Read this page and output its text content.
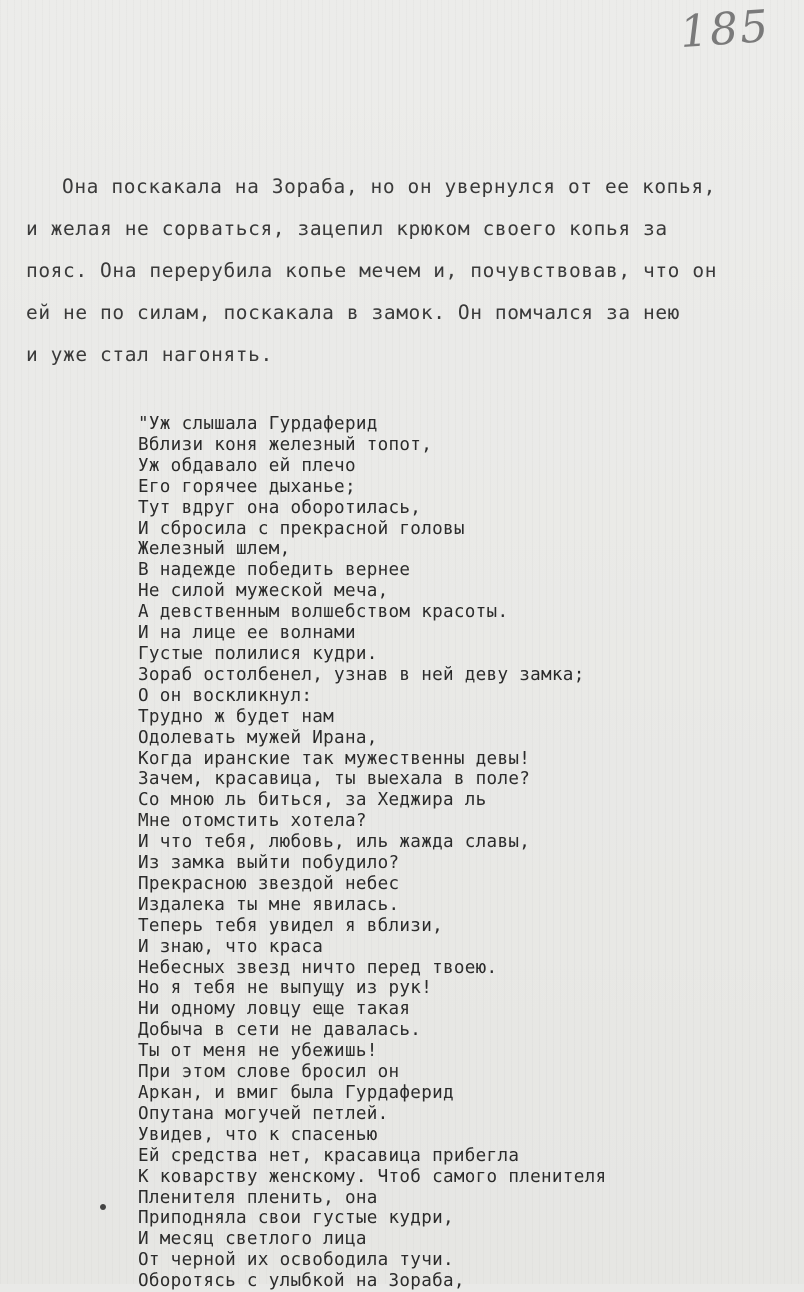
185
Она поскакала на Зораба, но он увернулся от ее копья,
и желая не сорваться, зацепил крюком своего копья за
пояс. Она перерубила копье мечем и, почувствовав, что он
ей не по силам, поскакала в замок. Он помчался за нею
и уже стал нагонять.
"Уж слышала Гурдаферид
Вблизи коня железный топот,
Уж обдавало ей плечо
Его горячее дыханье;
Тут вдруг она оборотилась,
И сбросила с прекрасной головы
Железный шлем,
В надежде победить вернее
Не силой мужеской меча,
А девственным волшебством красоты.
И на лице ее волнами
Густые полилися кудри.
Зораб остолбенел, узнав в ней деву замка;
О он воскликнул:
Трудно ж будет нам
Одолевать мужей Ирана,
Когда иранские так мужественны девы!
Зачем, красавица, ты выехала в поле?
Со мною ль биться, за Хеджира ль
Мне отомстить хотела?
И что тебя, любовь, иль жажда славы,
Из замка выйти побудило?
Прекрасною звездой небес
Издалека ты мне явилась.
Теперь тебя увидел я вблизи,
И знаю, что краса
Небесных звезд ничто перед твоею.
Но я тебя не выпущу из рук!
Ни одному ловцу еще такая
Добыча в сети не давалась.
Ты от меня не убежишь!
При этом слове бросил он
Аркан, и вмиг была Гурдаферид
Опутана могучей петлей.
Увидев, что к спасенью
Ей средства нет, красавица прибегла
К коварству женскому. Чтоб самого пленителя
Пленителя пленить, она
Приподняла свои густые кудри,
И месяц светлого лица
От черной их освободила тучи.
Оборотясь с улыбкой на Зораба,
